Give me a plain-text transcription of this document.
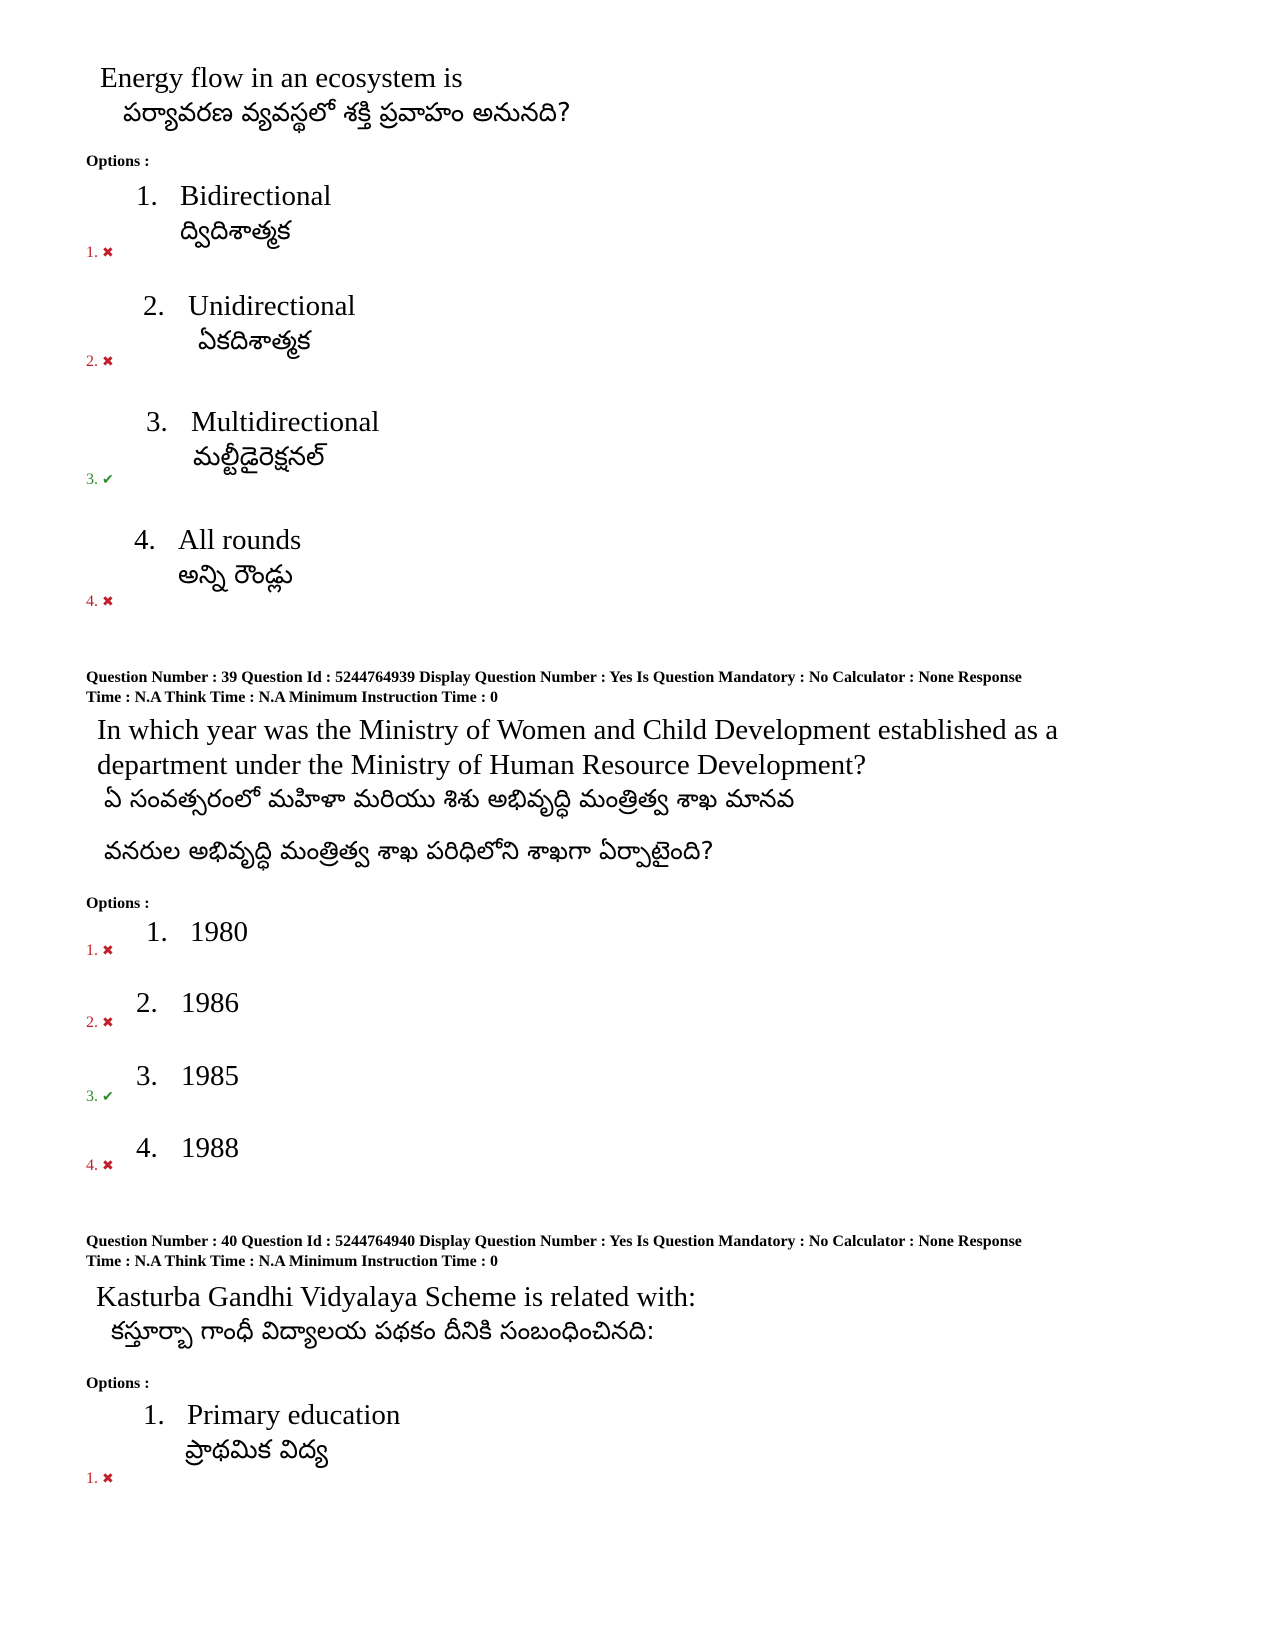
Energy flow in an ecosystem is
పర్యావరణ వ్యవస్థలో శక్తి ప్రవాహం అనునది?
Options :
1. Bidirectional
ద్విదిశాత్మక
1. ✖
2. Unidirectional
ఏకదిశాత్మక
2. ✖
3. Multidirectional
మల్టీడైరెక్షనల్
3. ✔
4. All rounds
అన్ని రౌండ్లు
4. ✖
Question Number : 39 Question Id : 5244764939 Display Question Number : Yes Is Question Mandatory : No Calculator : None Response
Time : N.A Think Time : N.A Minimum Instruction Time : 0
In which year was the Ministry of Women and Child Development established as a
department under the Ministry of Human Resource Development?
ఏ సంవత్సరంలో మహిళా మరియు శిశు అభివృద్ధి మంత్రిత్వ శాఖ మానవ
వనరుల అభివృద్ధి మంత్రిత్వ శాఖ పరిధిలోని శాఖగా ఏర్పాటైంది?
Options :
1. 1980
1. ✖
2. 1986
2. ✖
3. 1985
3. ✔
4. 1988
4. ✖
Question Number : 40 Question Id : 5244764940 Display Question Number : Yes Is Question Mandatory : No Calculator : None Response
Time : N.A Think Time : N.A Minimum Instruction Time : 0
Kasturba Gandhi Vidyalaya Scheme is related with:
కస్తూర్బా గాంధీ విద్యాలయ పథకం దీనికి సంబంధించినది:
Options :
1. Primary education
ప్రాథమిక విద్య
1. ✖
